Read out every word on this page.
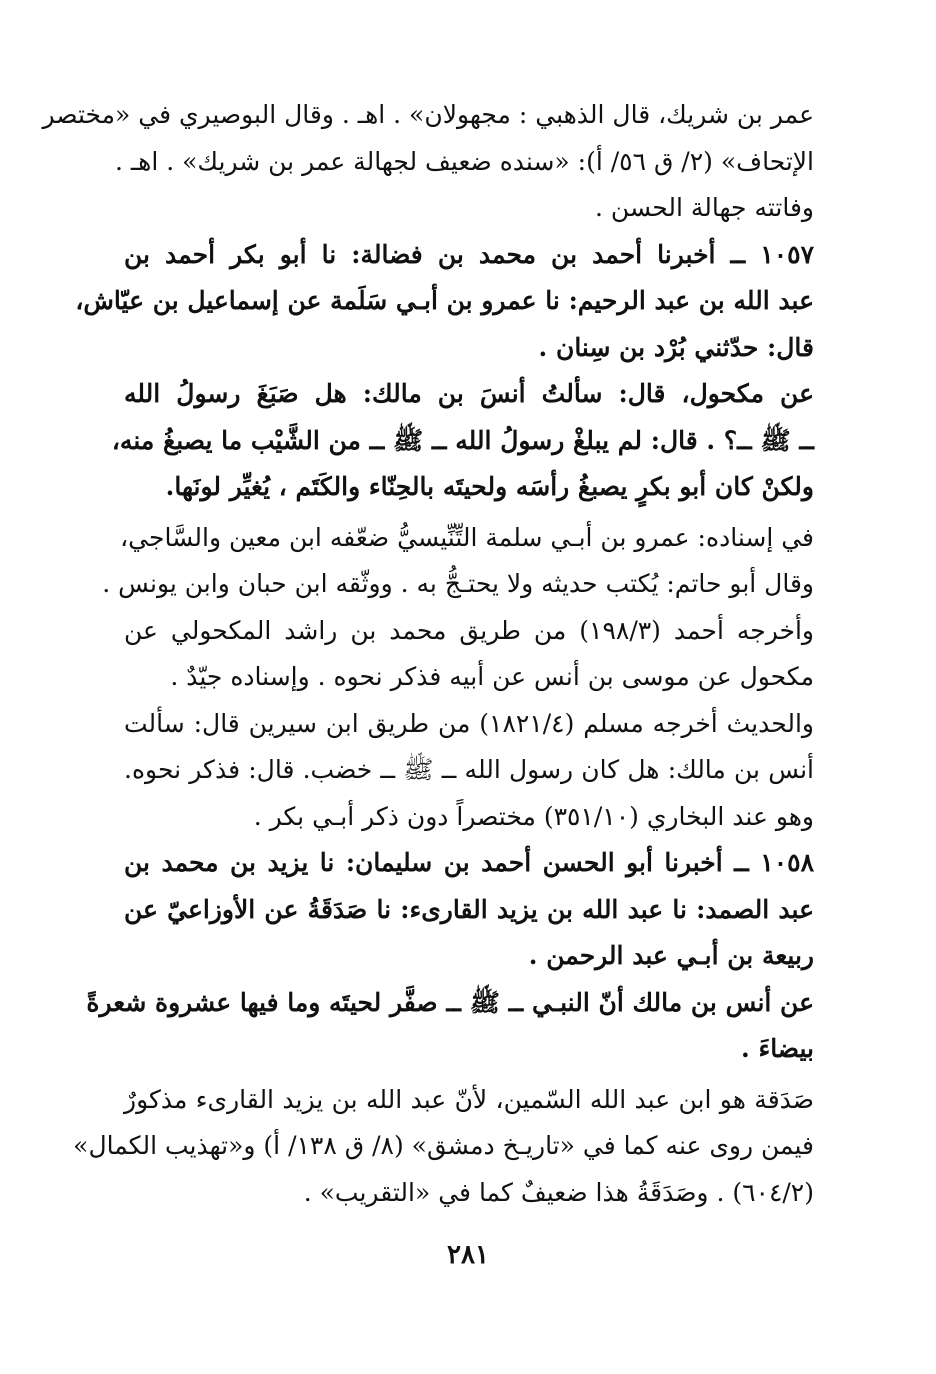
عمر بن شريك، قال الذهبي : مجهولان» . اهـ . وقال البوصيري في «مختصر
الإتحاف» (٢/ ق ٥٦/ أ): «سنده ضعيف لجهالة عمر بن شريك» . اهـ .
وفاتته جهالة الحسن .
١٠٥٧ ــ أخبرنا أحمد بن محمد بن فضالة: نا أبو بكر أحمد بن
عبد الله بن عبد الرحيم: نا عمرو بن أبـي سَلَمة عن إسماعيل بن عيّاش،
قال: حدّثني بُرْد بن سِنان .
عن مكحول، قال: سألتُ أنسَ بن مالك: هل صَبَغَ رسولُ الله
ــ ﷺ ــ؟ . قال: لم يبلغْ رسولُ الله ــ ﷺ ــ من الشَّيْب ما يصبغُ منه،
ولكنْ كان أبو بكرٍ يصبغُ رأسَه ولحيتَه بالحِنّاء والكَتَم ، يُغيِّر لونَها.
في إسناده: عمرو بن أبـي سلمة التِّنِّيسيُّ ضعّفه ابن معين والسَّاجي،
وقال أبو حاتم: يُكتب حديثه ولا يحتـجُّ به . ووثّقه ابن حبان وابن يونس .
وأخرجه أحمد (١٩٨/٣) من طريق محمد بن راشد المكحولي عن
مكحول عن موسى بن أنس عن أبيه فذكر نحوه . وإسناده جيّدٌ .
والحديث أخرجه مسلم (١٨٢١/٤) من طريق ابن سيرين قال: سألت
أنس بن مالك: هل كان رسول الله ــ ﷺ ــ خضب. قال: فذكر نحوه.
وهو عند البخاري (٣٥١/١٠) مختصراً دون ذكر أبـي بكر .
١٠٥٨ ــ أخبرنا أبو الحسن أحمد بن سليمان: نا يزيد بن محمد بن
عبد الصمد: نا عبد الله بن يزيد القارىء: نا صَدَقَةُ عن الأوزاعيّ عن
ربيعة بن أبـي عبد الرحمن .
عن أنس بن مالك أنّ النبـي ــ ﷺ ــ صفَّر لحيتَه وما فيها عشروة شعرةً
بيضاءَ .
صَدَقة هو ابن عبد الله السّمين، لأنّ عبد الله بن يزيد القارىء مذكورٌ
فيمن روى عنه كما في «تاريـخ دمشق» (٨/ ق ١٣٨/ أ) و«تهذيب الكمال»
(٦٠٤/٢) . وصَدَقَةُ هذا ضعيفٌ كما في «التقريب» .
٢٨١
